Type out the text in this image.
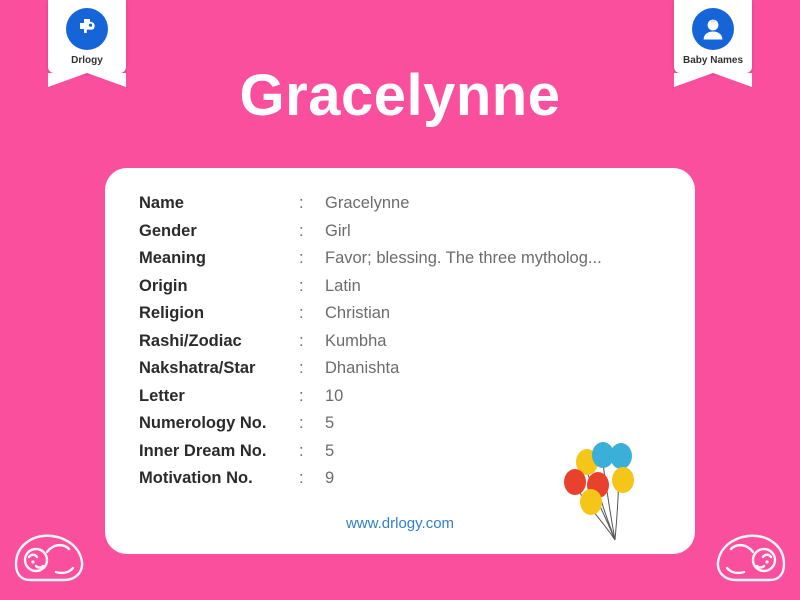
Drlogy	Baby Names
Gracelynne
Name	:	Gracelynne
Gender	:	Girl
Meaning	:	Favor; blessing. The three mytholog...
Origin	:	Latin
Religion	:	Christian
Rashi/Zodiac	:	Kumbha
Nakshatra/Star	:	Dhanishta
Letter	:	10
Numerology No.	:	5
Inner Dream No.	:	5
Motivation No.	:	9
www.drlogy.com
